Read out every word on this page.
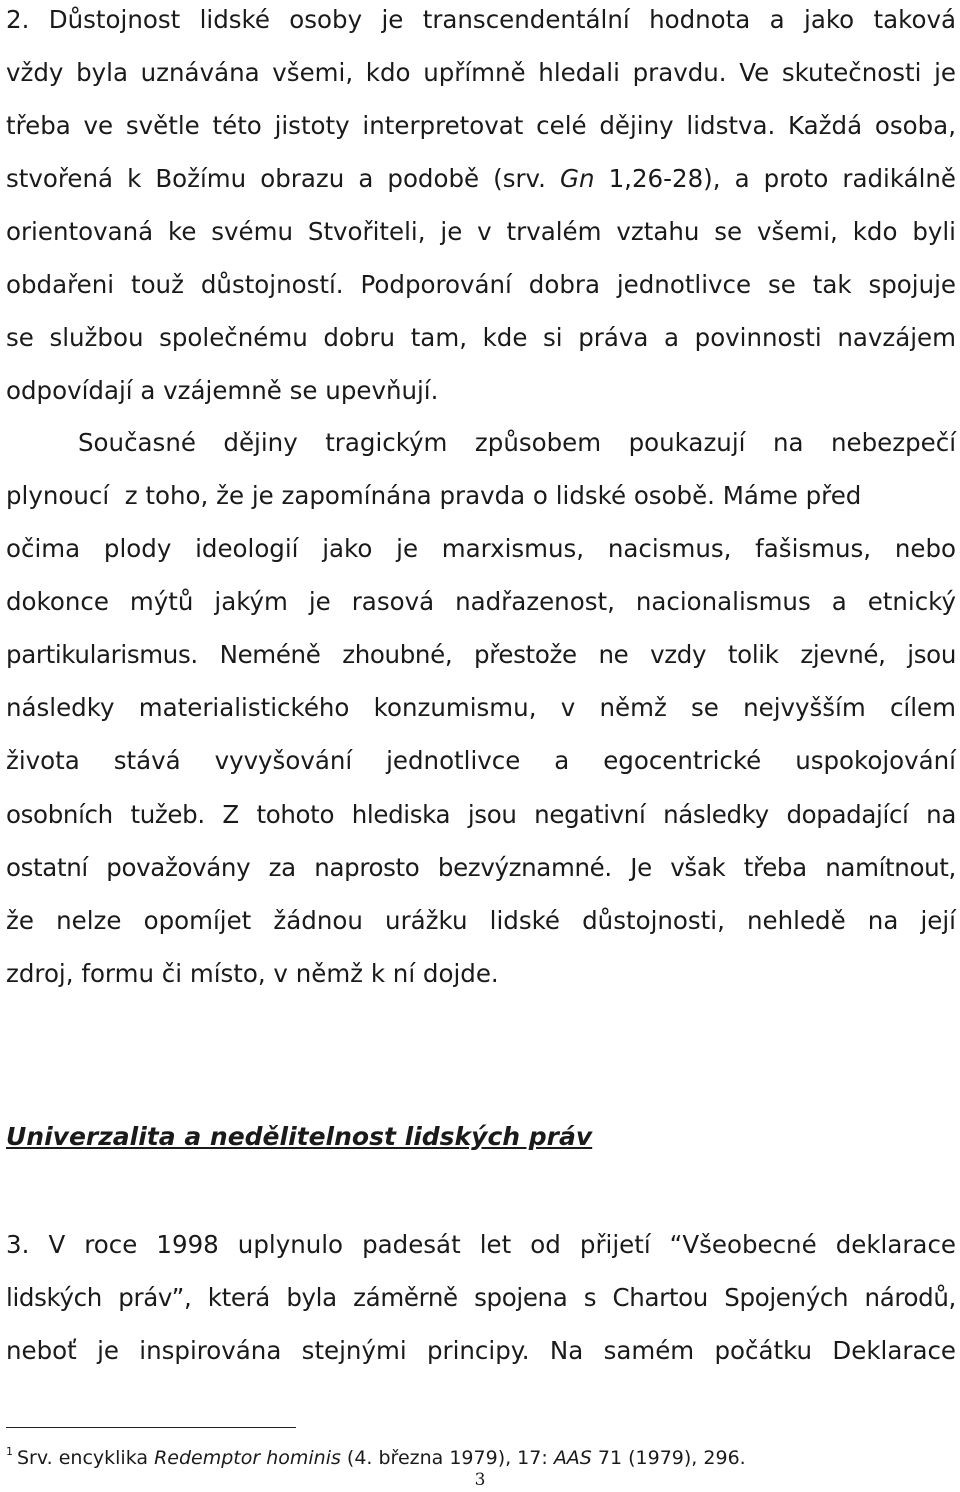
2. Důstojnost lidské osoby je transcendentální hodnota a jako taková
vždy byla uznávána všemi, kdo upřímně hledali pravdu. Ve skutečnosti je
třeba ve světle této jistoty interpretovat celé dějiny lidstva. Každá osoba,
stvořená k Božímu obrazu a podobě (srv. Gn 1,26-28), a proto radikálně
orientovaná ke svému Stvořiteli, je v trvalém vztahu se všemi, kdo byli
obdařeni touž důstojností. Podporování dobra jednotlivce se tak spojuje
se službou společnému dobru tam, kde si práva a povinnosti navzájem
odpovídají a vzájemně se upevňují.
Současné dějiny tragickým způsobem poukazují na nebezpečí
plynoucí  z toho, že je zapomínána pravda o lidské osobě. Máme před
očima plody ideologií jako je marxismus, nacismus, fašismus, nebo
dokonce mýtů jakým je rasová nadřazenost, nacionalismus a etnický
partikularismus. Neméně zhoubné, přestože ne vzdy tolik zjevné, jsou
následky materialistického konzumismu, v němž se nejvyšším cílem
života stává vyvyšování jednotlivce a egocentrické uspokojování
osobních tužeb. Z tohoto hlediska jsou negativní následky dopadající na
ostatní považovány za naprosto bezvýznamné. Je však třeba namítnout,
že nelze opomíjet žádnou urážku lidské důstojnosti, nehledě na její
zdroj, formu či místo, v němž k ní dojde.
Univerzalita a nedělitelnost lidských práv
3. V roce 1998 uplynulo padesát let od přijetí “Všeobecné deklarace
lidských práv”, která byla záměrně spojena s Chartou Spojených národů,
neboť je inspirována stejnými principy. Na samém počátku Deklarace
$^1$ Srv. encyklika Redemptor hominis (4. března 1979), 17: AAS 71 (1979), 296.
3
